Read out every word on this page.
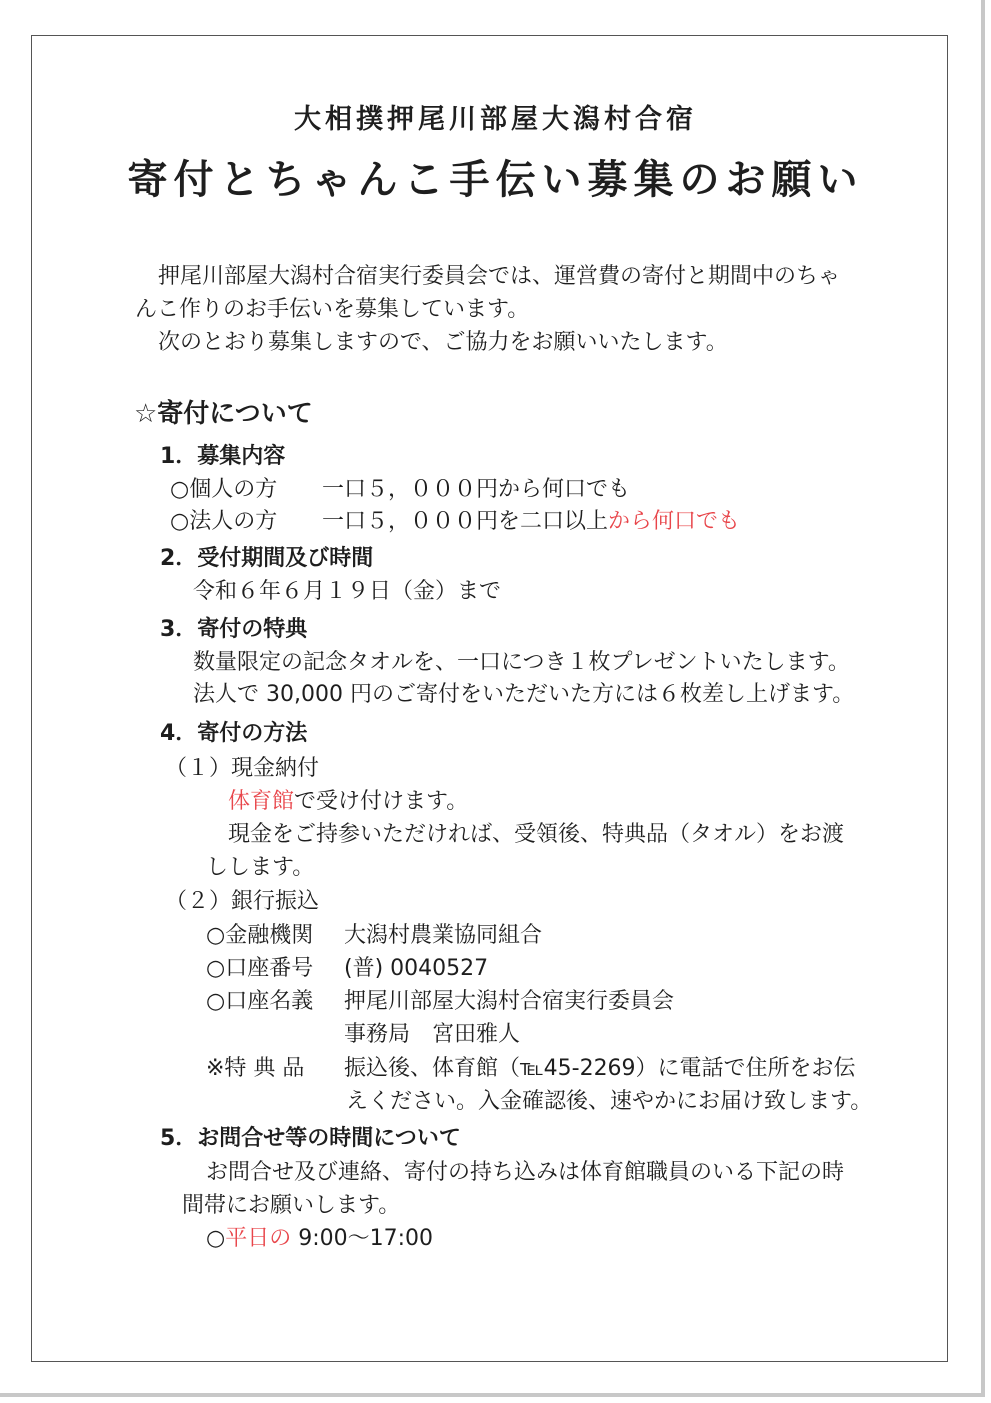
大相撲押尾川部屋大潟村合宿
寄付とちゃんこ手伝い募集のお願い
押尾川部屋大潟村合宿実行委員会では、運営費の寄付と期間中のちゃ
んこ作りのお手伝いを募集しています。
次のとおり募集しますので、ご協力をお願いいたします。
☆寄付について
1．募集内容
○個人の方 一口５，０００円から何口でも
○法人の方 一口５，０００円を二口以上から何口でも
2．受付期間及び時間
令和６年６月１９日（金）まで
3．寄付の特典
数量限定の記念タオルを、一口につき１枚プレゼントいたします。
法人で 30,000 円のご寄付をいただいた方には６枚差し上げます。
4．寄付の方法
（１）現金納付
体育館で受け付けます。
現金をご持参いただければ、受領後、特典品（タオル）をお渡
しします。
（２）銀行振込
○金融機関 大潟村農業協同組合
○口座番号 (普) 0040527
○口座名義 押尾川部屋大潟村合宿実行委員会
事務局　宮田雅人
※特 典 品 振込後、体育館（℡45-2269）に電話で住所をお伝
えください。入金確認後、速やかにお届け致します。
5．お問合せ等の時間について
お問合せ及び連絡、寄付の持ち込みは体育館職員のいる下記の時
間帯にお願いします。
○平日の 9:00～17:00
